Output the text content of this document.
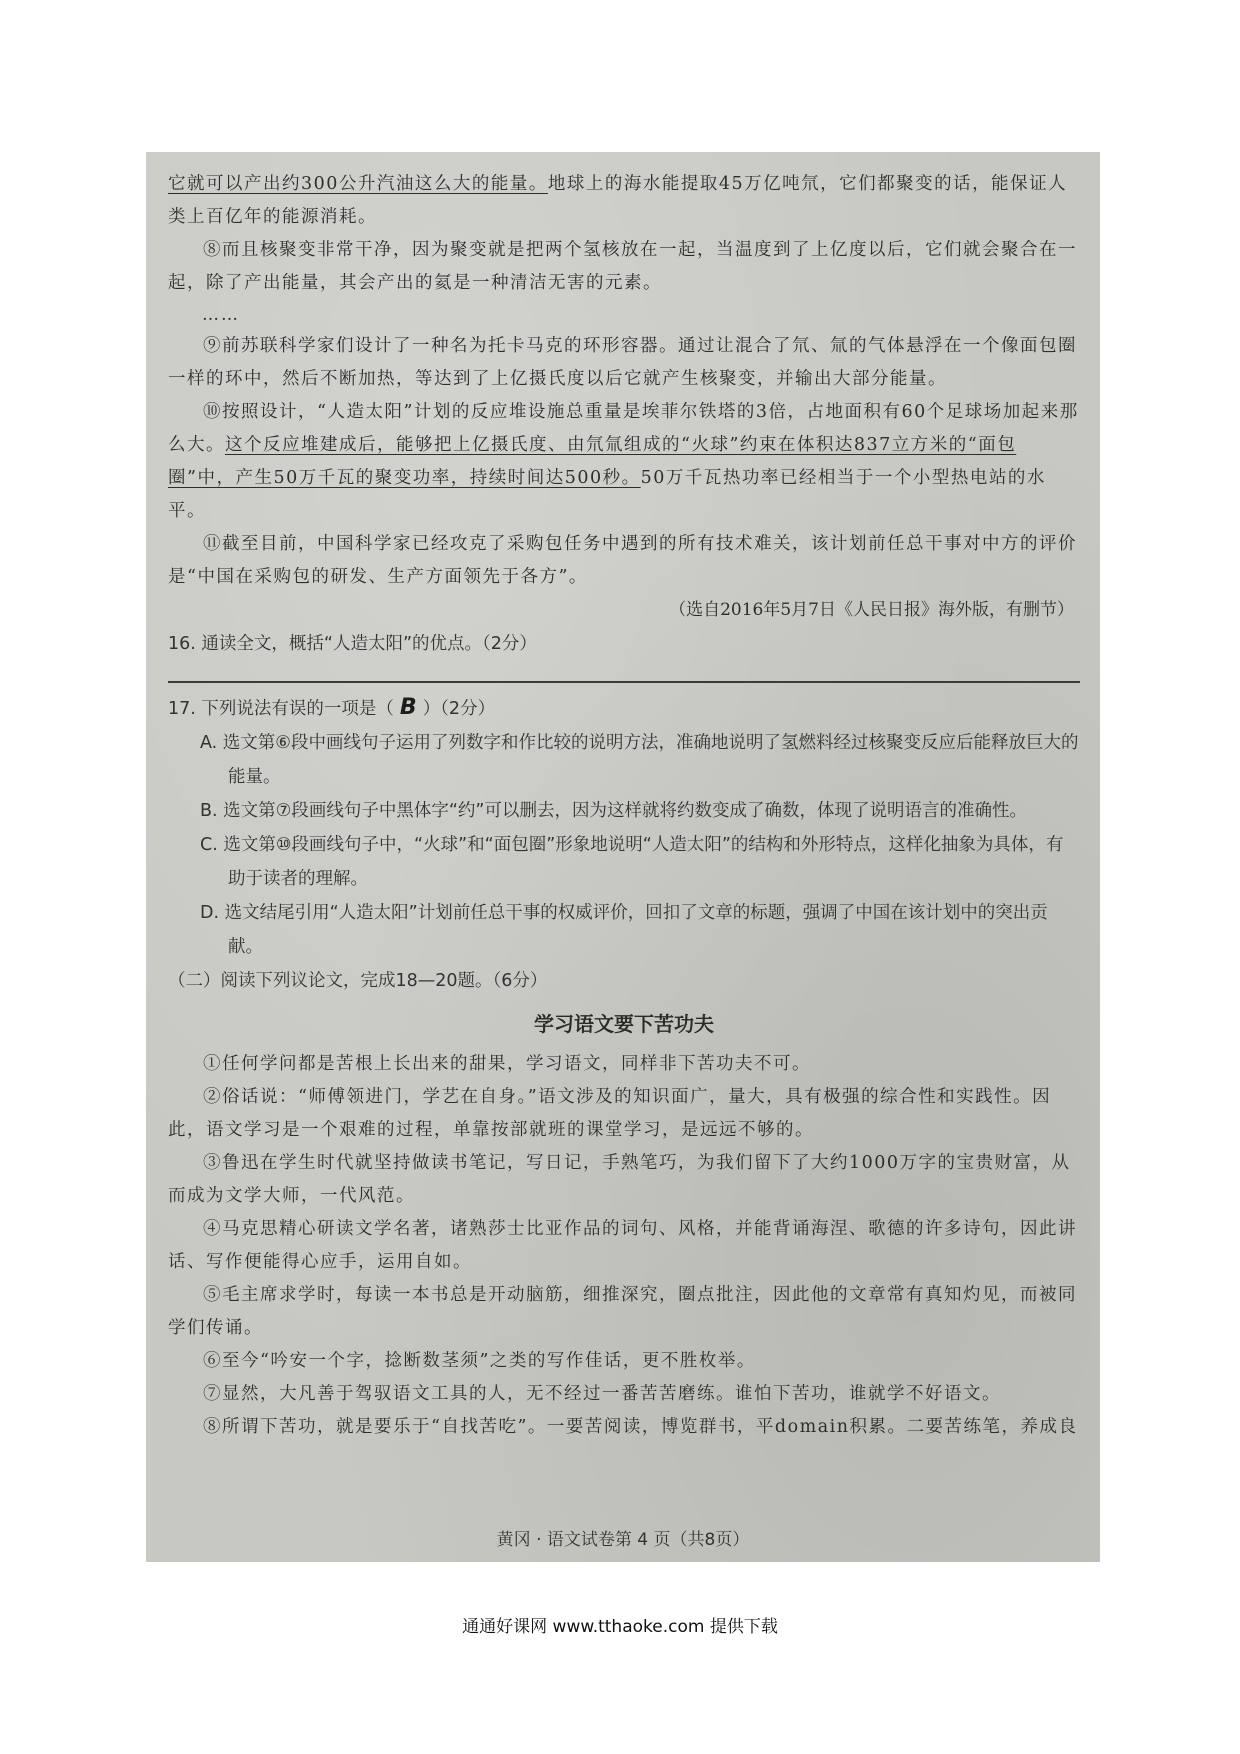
它就可以产出约300公升汽油这么大的能量。地球上的海水能提取45万亿吨氘，它们都聚变的话，能保证人类上百亿年的能源消耗。

⑧而且核聚变非常干净，因为聚变就是把两个氢核放在一起，当温度到了上亿度以后，它们就会聚合在一起，除了产出能量，其会产出的氦是一种清洁无害的元素。

……

⑨前苏联科学家们设计了一种名为托卡马克的环形容器。通过让混合了氘、氚的气体悬浮在一个像面包圈一样的环中，然后不断加热，等达到了上亿摄氏度以后它就产生核聚变，并输出大部分能量。

⑩按照设计，“人造太阳”计划的反应堆设施总重量是埃菲尔铁塔的3倍，占地面积有60个足球场加起来那么大。这个反应堆建成后，能够把上亿摄氏度、由氘氚组成的“火球”约束在体积达837立方米的“面包圈”中，产生50万千瓦的聚变功率，持续时间达500秒。50万千瓦热功率已经相当于一个小型热电站的水平。

⑪截至目前，中国科学家已经攻克了采购包任务中遇到的所有技术难关，该计划前任总干事对中方的评价是“中国在采购包的研发、生产方面领先于各方”。

（选自2016年5月7日《人民日报》海外版，有删节）

16. 通读全文，概括“人造太阳”的优点。（2分）

17. 下列说法有误的一项是（ B ）（2分）

A. 选文第⑥段中画线句子运用了列数字和作比较的说明方法，准确地说明了氢燃料经过核聚变反应后能释放巨大的能量。

B. 选文第⑦段画线句子中黑体字“约”可以删去，因为这样就将约数变成了确数，体现了说明语言的准确性。

C. 选文第⑩段画线句子中，“火球”和“面包圈”形象地说明“人造太阳”的结构和外形特点，这样化抽象为具体，有助于读者的理解。

D. 选文结尾引用“人造太阳”计划前任总干事的权威评价，回扣了文章的标题，强调了中国在该计划中的突出贡献。

（二）阅读下列议论文，完成18—20题。（6分）

学习语文要下苦功夫

①任何学问都是苦根上长出来的甜果，学习语文，同样非下苦功夫不可。

②俗话说：“师傅领进门，学艺在自身。”语文涉及的知识面广，量大，具有极强的综合性和实践性。因此，语文学习是一个艰难的过程，单靠按部就班的课堂学习，是远远不够的。

③鲁迅在学生时代就坚持做读书笔记，写日记，手熟笔巧，为我们留下了大约1000万字的宝贵财富，从而成为文学大师，一代风范。

④马克思精心研读文学名著，诸熟莎士比亚作品的词句、风格，并能背诵海涅、歌德的许多诗句，因此讲话、写作便能得心应手，运用自如。

⑤毛主席求学时，每读一本书总是开动脑筋，细推深究，圈点批注，因此他的文章常有真知灼见，而被同学们传诵。

⑥至今“吟安一个字，捻断数茎须”之类的写作佳话，更不胜枚举。

⑦显然，大凡善于驾驭语文工具的人，无不经过一番苦苦磨练。谁怕下苦功，谁就学不好语文。

⑧所谓下苦功，就是要乐于“自找苦吃”。一要苦阅读，博览群书，平domain积累。二要苦练笔，养成良

黄冈 · 语文试卷第 4 页（共8页）
通通好课网 www.tthaoke.com 提供下载
